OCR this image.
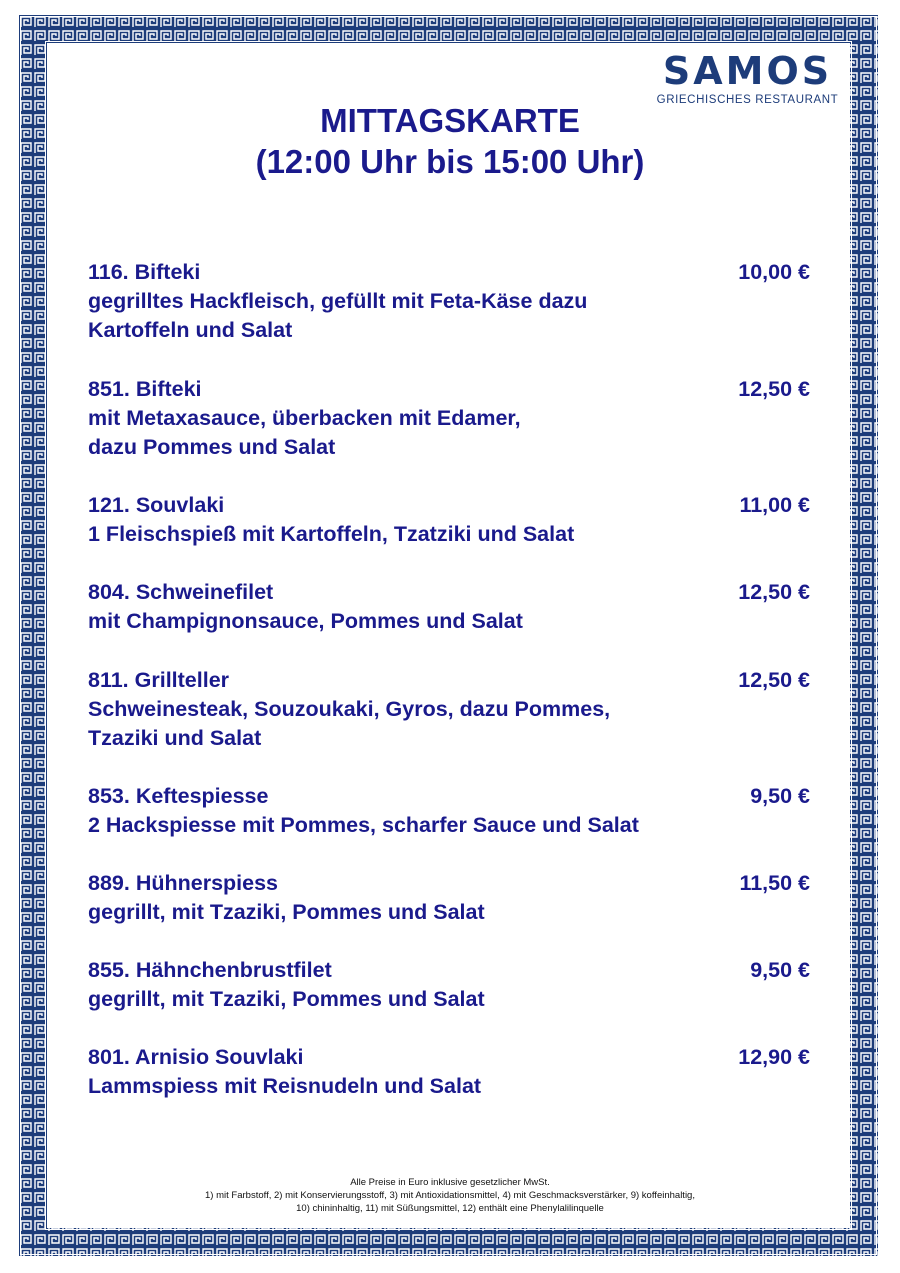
SAMOS
GRIECHISCHES RESTAURANT
MITTAGSKARTE
(12:00 Uhr bis 15:00 Uhr)
116. Bifteki
gegrilltes Hackfleisch, gefüllt mit Feta-Käse dazu
Kartoffeln und Salat
10,00 €
851. Bifteki
mit Metaxasauce, überbacken mit Edamer,
dazu Pommes und Salat
12,50 €
121. Souvlaki
1 Fleischspieß mit Kartoffeln, Tzatziki und Salat
11,00 €
804. Schweinefilet
mit Champignonsauce, Pommes und Salat
12,50 €
811. Grillteller
Schweinesteak, Souzoukaki, Gyros, dazu Pommes,
Tzaziki und Salat
12,50 €
853. Keftespiesse
2 Hackspiesse mit Pommes, scharfer Sauce und Salat
9,50 €
889. Hühnerspiess
gegrillt, mit Tzaziki, Pommes und Salat
11,50 €
855. Hähnchenbrustfilet
gegrillt, mit Tzaziki, Pommes und Salat
9,50 €
801. Arnisio Souvlaki
Lammspiess mit Reisnudeln und Salat
12,90 €
Alle Preise in Euro inklusive gesetzlicher MwSt.
1) mit Farbstoff, 2) mit Konservierungsstoff, 3) mit Antioxidationsmittel, 4) mit Geschmacksverstärker, 9) koffeinhaltig,
10) chininhaltig, 11) mit Süßungsmittel, 12) enthält eine Phenylalilinquelle
